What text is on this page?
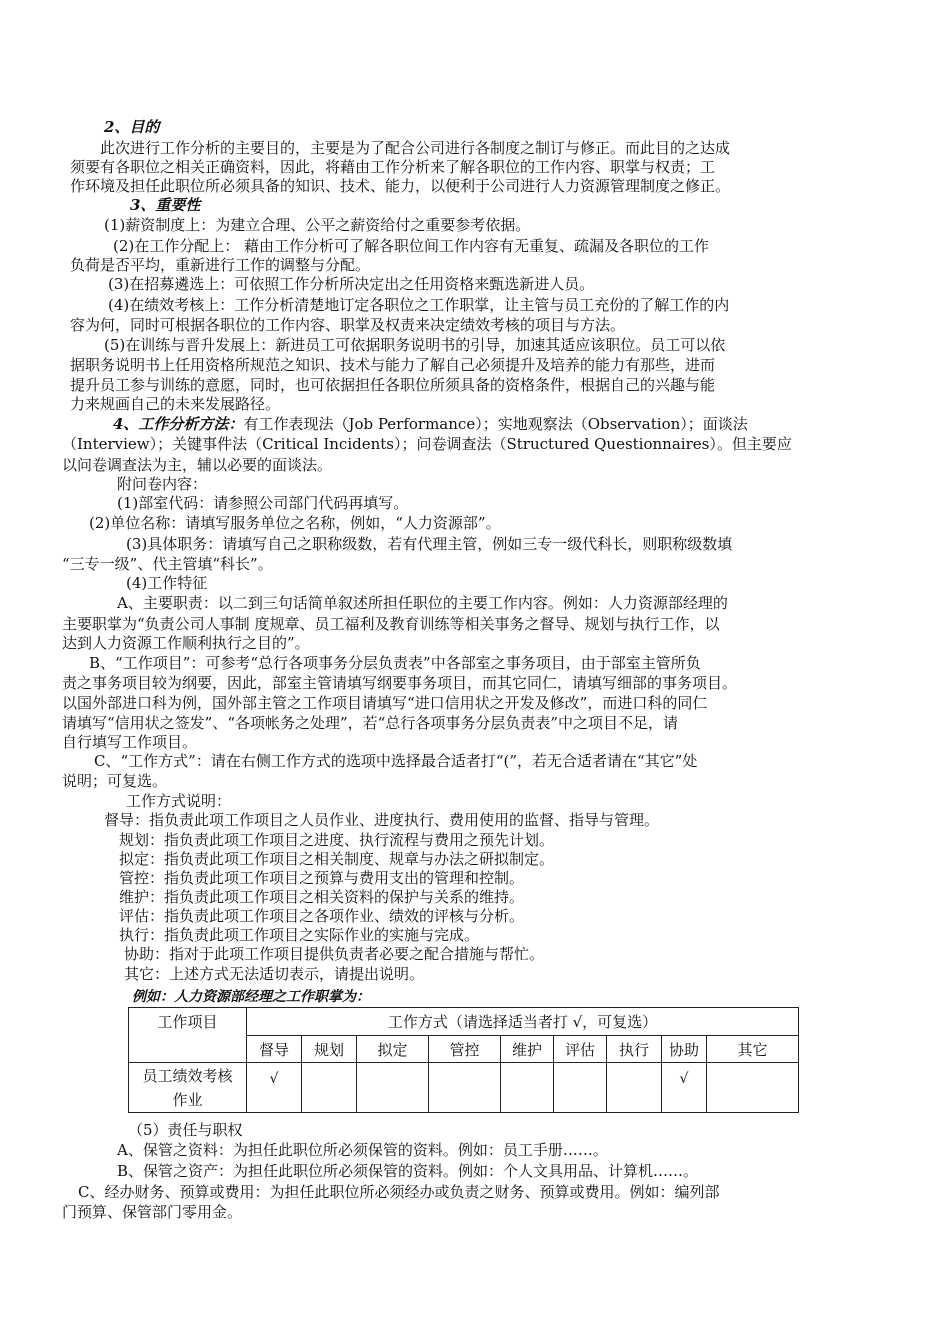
2、目的
此次进行工作分析的主要目的，主要是为了配合公司进行各制度之制订与修正。而此目的之达成
须要有各职位之相关正确资料，因此，将藉由工作分析来了解各职位的工作内容、职掌与权责；工
作环境及担任此职位所必须具备的知识、技术、能力，以便利于公司进行人力资源管理制度之修正。
3、重要性
(1)薪资制度上：为建立合理、公平之薪资给付之重要参考依据。
(2)在工作分配上： 藉由工作分析可了解各职位间工作内容有无重复、疏漏及各职位的工作
负荷是否平均，重新进行工作的调整与分配。
(3)在招募遴选上：可依照工作分析所决定出之任用资格来甄选新进人员。
(4)在绩效考核上：工作分析清楚地订定各职位之工作职掌，让主管与员工充份的了解工作的内
容为何，同时可根据各职位的工作内容、职掌及权责来决定绩效考核的项目与方法。
(5)在训练与晋升发展上：新进员工可依据职务说明书的引导，加速其适应该职位。员工可以依
据职务说明书上任用资格所规范之知识、技术与能力了解自己必须提升及培养的能力有那些，进而
提升员工参与训练的意愿，同时，也可依据担任各职位所须具备的资格条件，根据自己的兴趣与能
力来规画自己的未来发展路径。
4、工作分析方法：有工作表现法（Job Performance）；实地观察法（Observation）；面谈法
（Interview）；关键事件法（Critical Incidents）；问卷调查法（Structured Questionnaires）。但主要应
以问卷调查法为主，辅以必要的面谈法。
附问卷内容：
(1)部室代码：请参照公司部门代码再填写。
(2)单位名称：请填写服务单位之名称，例如，“人力资源部”。
(3)具体职务：请填写自己之职称级数，若有代理主管，例如三专一级代科长，则职称级数填
“三专一级”、代主管填“科长”。
(4)工作特征
A、主要职责：以二到三句话简单叙述所担任职位的主要工作内容。例如：人力资源部经理的
主要职掌为“负责公司人事制 度规章、员工福利及教育训练等相关事务之督导、规划与执行工作，以
达到人力资源工作顺利执行之目的”。
B、“工作项目”：可参考“总行各项事务分层负责表”中各部室之事务项目，由于部室主管所负
责之事务项目较为纲要，因此，部室主管请填写纲要事务项目，而其它同仁，请填写细部的事务项目。
以国外部进口科为例，国外部主管之工作项目请填写“进口信用状之开发及修改”，而进口科的同仁
请填写“信用状之签发”、“各项帐务之处理”，若“总行各项事务分层负责表”中之项目不足，请
自行填写工作项目。
C、“工作方式”：请在右侧工作方式的选项中选择最合适者打“(”，若无合适者请在“其它”处
说明；可复选。
工作方式说明：
督导：指负责此项工作项目之人员作业、进度执行、费用使用的监督、指导与管理。
规划：指负责此项工作项目之进度、执行流程与费用之预先计划。
拟定：指负责此项工作项目之相关制度、规章与办法之研拟制定。
管控：指负责此项工作项目之预算与费用支出的管理和控制。
维护：指负责此项工作项目之相关资料的保护与关系的维持。
评估：指负责此项工作项目之各项作业、绩效的评核与分析。
执行：指负责此项工作项目之实际作业的实施与完成。
协助：指对于此项工作项目提供负责者必要之配合措施与帮忙。
其它：上述方式无法适切表示，请提出说明。
例如：人力资源部经理之工作职掌为：
工作项目	工作方式（请选择适当者打 √，可复选）								
	督导	规划	拟定	管控	维护	评估	执行	协助	其它

员工绩效考核
作业	√							√	
（5）责任与职权
A、保管之资料：为担任此职位所必须保管的资料。例如：员工手册……。
B、保管之资产：为担任此职位所必须保管的资料。例如：个人文具用品、计算机……。
C、经办财务、预算或费用：为担任此职位所必须经办或负责之财务、预算或费用。例如：编列部
门预算、保管部门零用金。
